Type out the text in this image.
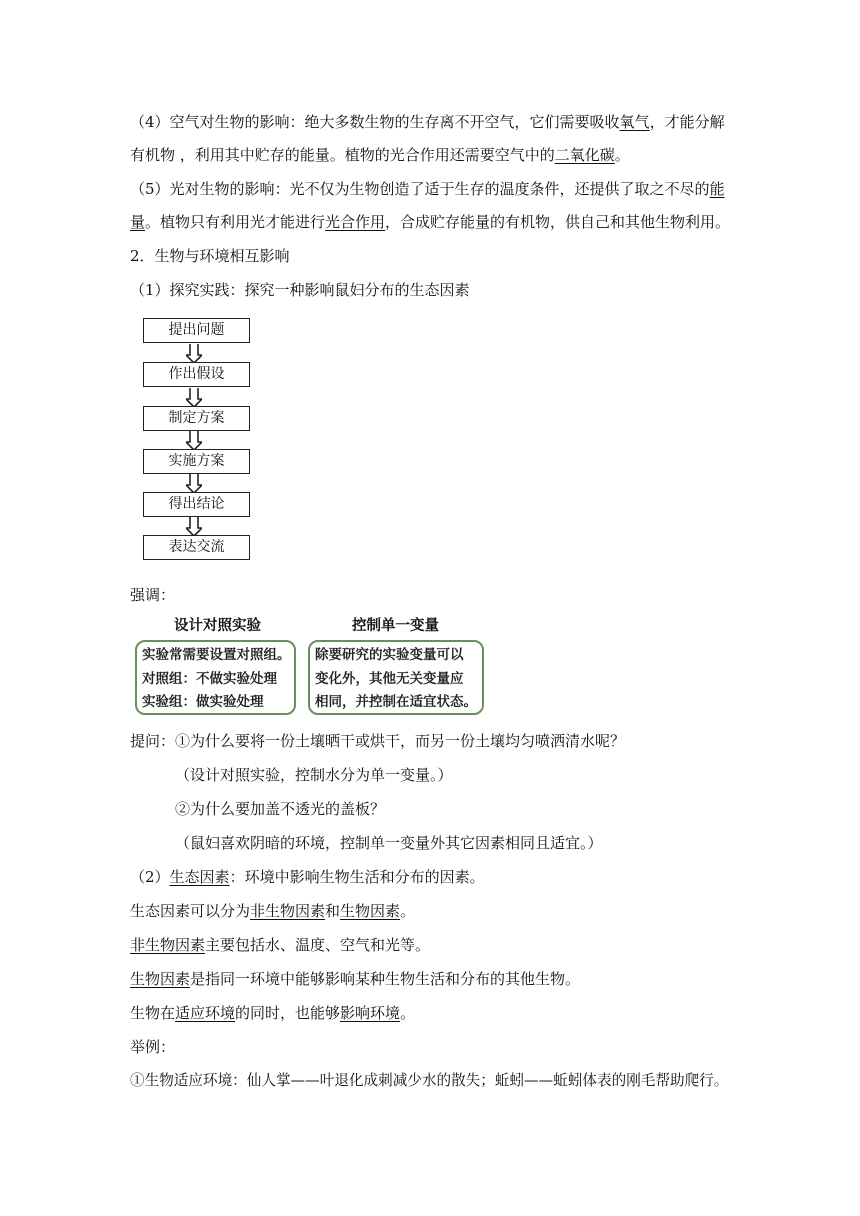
（4）空气对生物的影响：绝大多数生物的生存离不开空气，它们需要吸收氧气，才能分解
有机物 ，利用其中贮存的能量。植物的光合作用还需要空气中的二氧化碳。
（5）光对生物的影响：光不仅为生物创造了适于生存的温度条件，还提供了取之不尽的能
量。植物只有利用光才能进行光合作用，合成贮存能量的有机物，供自己和其他生物利用。
2．生物与环境相互影响
（1）探究实践：探究一种影响鼠妇分布的生态因素
提出问题
作出假设
制定方案
实施方案
得出结论
表达交流
强调：
设计对照实验
实验常需要设置对照组。
对照组：不做实验处理
实验组：做实验处理
控制单一变量
除要研究的实验变量可以
变化外，其他无关变量应
相同，并控制在适宜状态。
提问：①为什么要将一份土壤晒干或烘干，而另一份土壤均匀喷洒清水呢？
（设计对照实验，控制水分为单一变量。）
②为什么要加盖不透光的盖板？
（鼠妇喜欢阴暗的环境，控制单一变量外其它因素相同且适宜。）
（2）生态因素：环境中影响生物生活和分布的因素。
生态因素可以分为非生物因素和生物因素。
非生物因素主要包括水、温度、空气和光等。
生物因素是指同一环境中能够影响某种生物生活和分布的其他生物。
生物在适应环境的同时，也能够影响环境。
举例：
①生物适应环境：仙人掌——叶退化成刺减少水的散失；蚯蚓——蚯蚓体表的刚毛帮助爬行。
